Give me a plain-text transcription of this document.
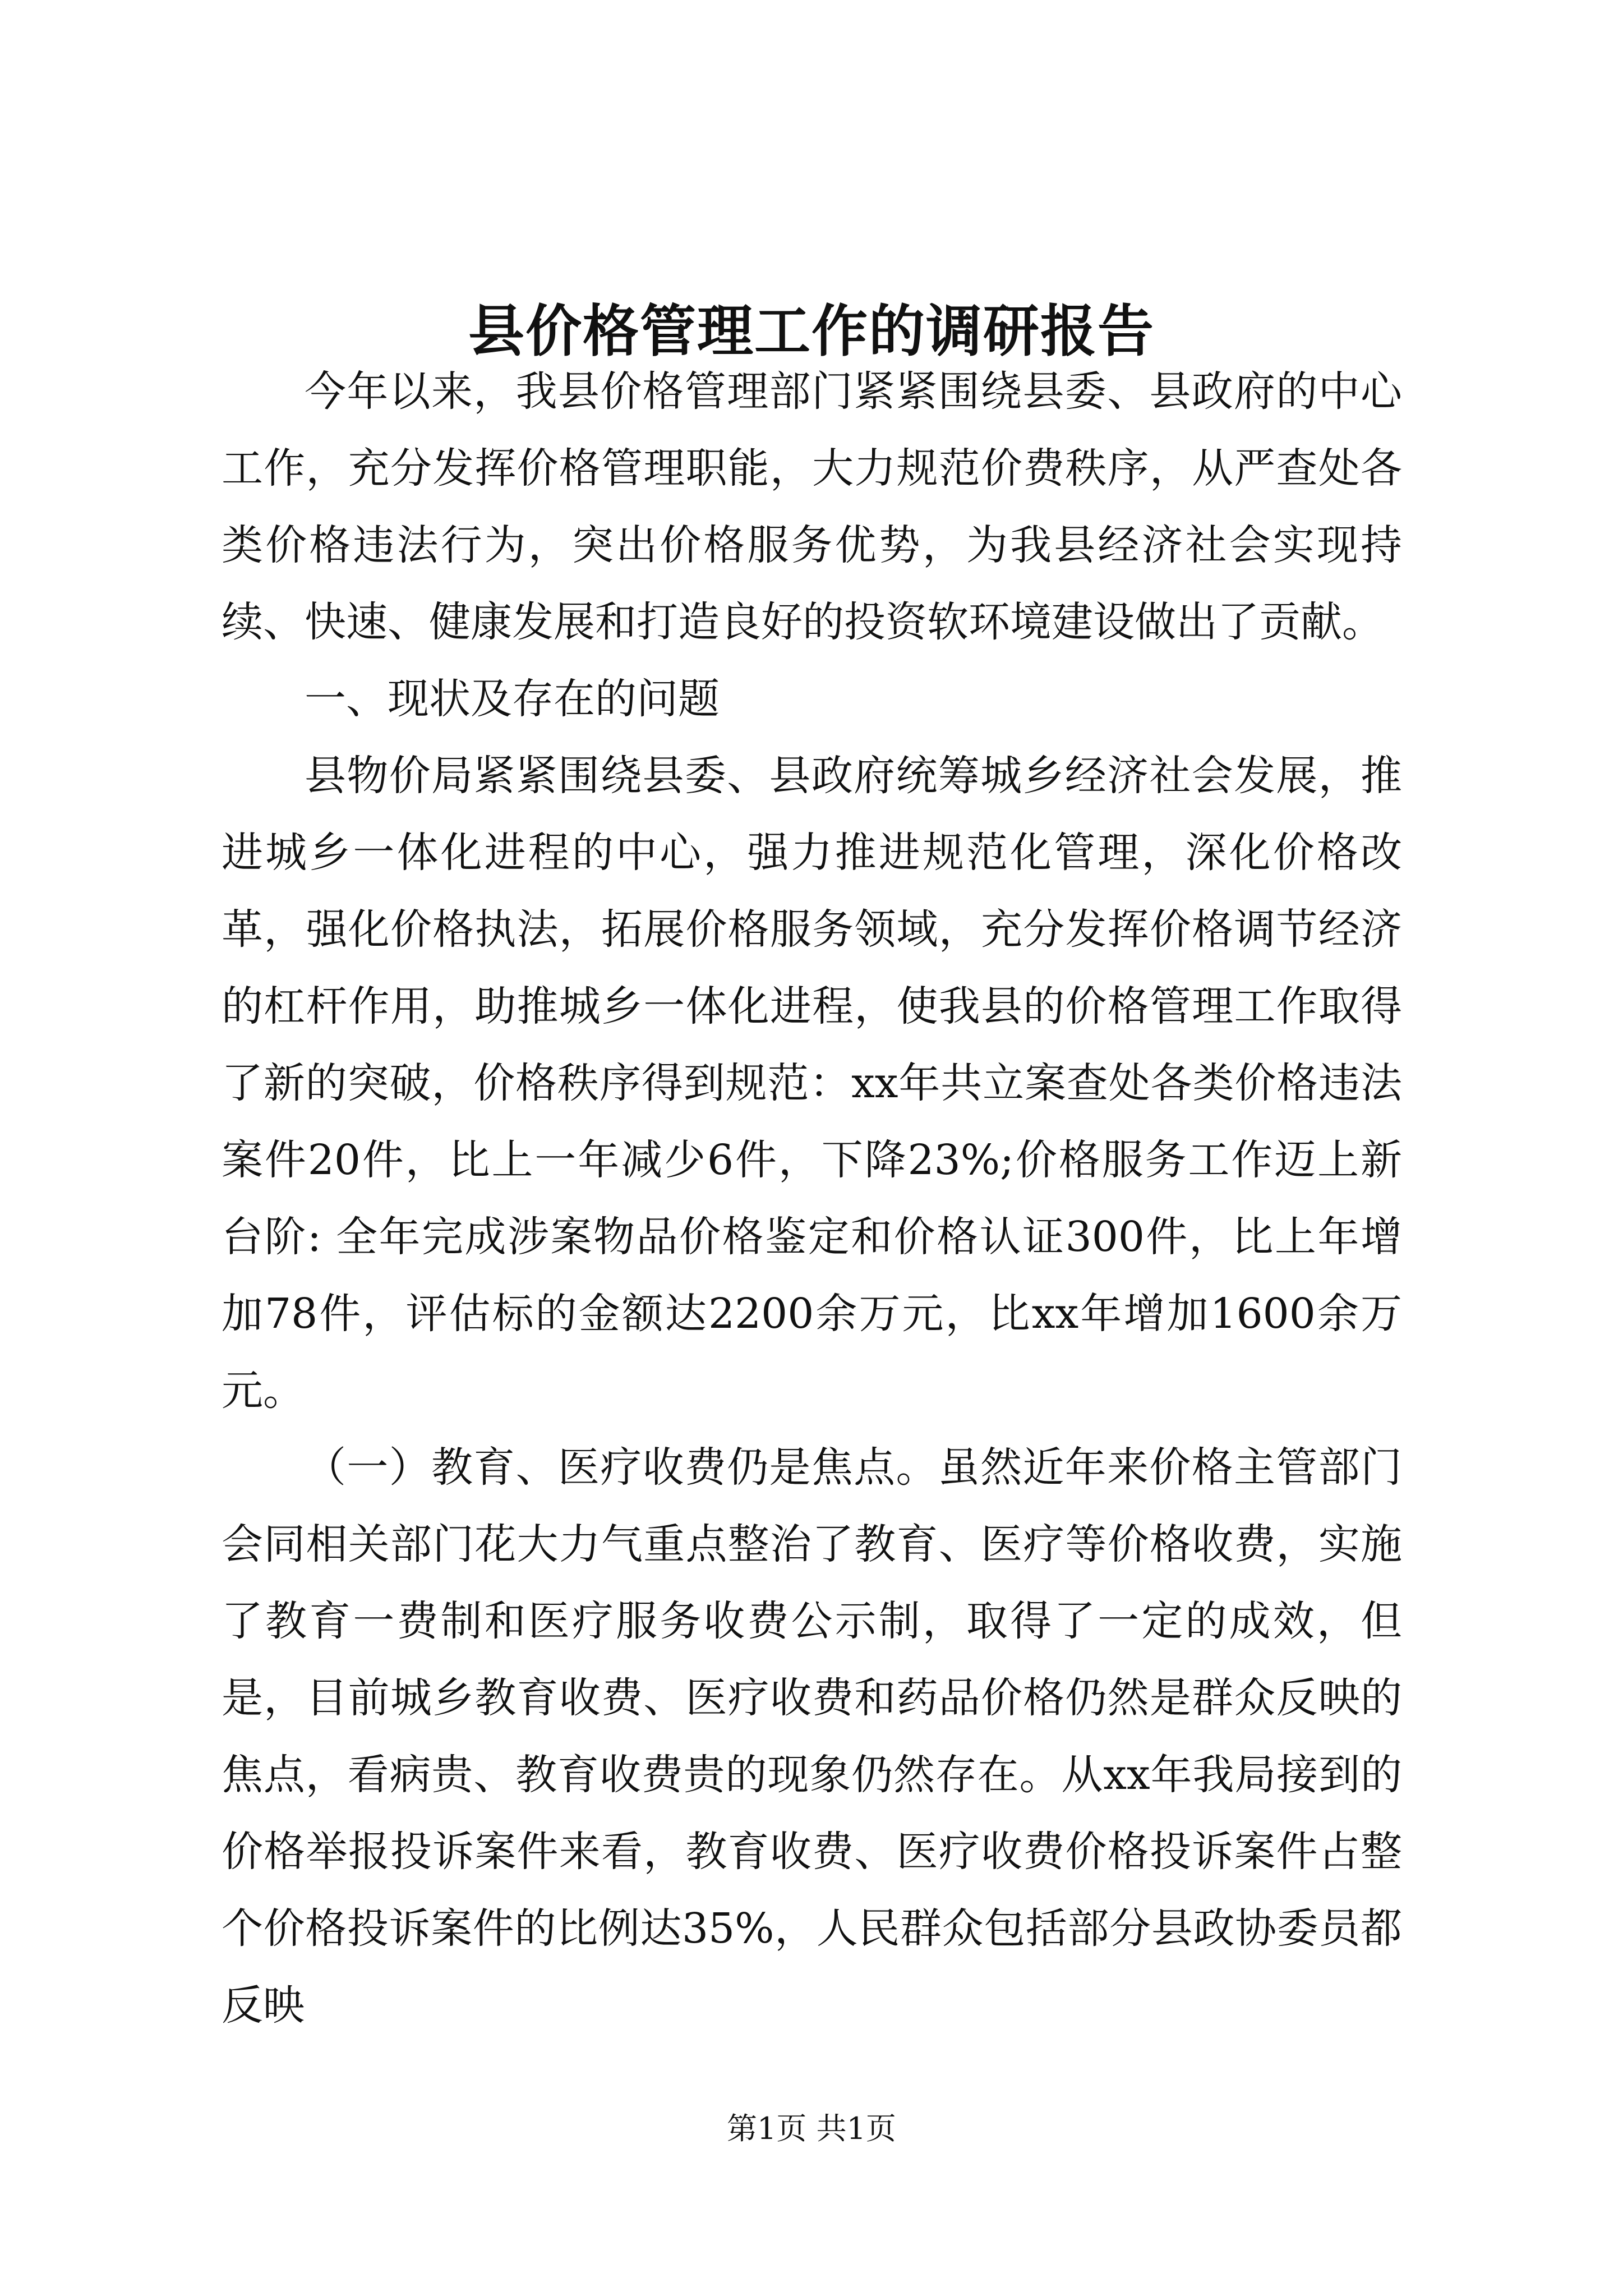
县价格管理工作的调研报告

今年以来，我县价格管理部门紧紧围绕县委、县政府的中心工作，充分发挥价格管理职能，大力规范价费秩序，从严查处各类价格违法行为，突出价格服务优势，为我县经济社会实现持续、快速、健康发展和打造良好的投资软环境建设做出了贡献。

一、现状及存在的问题

县物价局紧紧围绕县委、县政府统筹城乡经济社会发展，推进城乡一体化进程的中心，强力推进规范化管理，深化价格改革，强化价格执法，拓展价格服务领域，充分发挥价格调节经济的杠杆作用，助推城乡一体化进程，使我县的价格管理工作取得了新的突破，价格秩序得到规范：xx年共立案查处各类价格违法案件20件，比上一年减少6件，下降23%;价格服务工作迈上新台阶: 全年完成涉案物品价格鉴定和价格认证300件，比上年增加78件，评估标的金额达2200余万元，比xx年增加1600余万元。

（一）教育、医疗收费仍是焦点。虽然近年来价格主管部门会同相关部门花大力气重点整治了教育、医疗等价格收费，实施了教育一费制和医疗服务收费公示制，取得了一定的成效，但是，目前城乡教育收费、医疗收费和药品价格仍然是群众反映的焦点，看病贵、教育收费贵的现象仍然存在。从xx年我局接到的价格举报投诉案件来看，教育收费、医疗收费价格投诉案件占整个价格投诉案件的比例达35%，人民群众包括部分县政协委员都反映

第1页 共1页
